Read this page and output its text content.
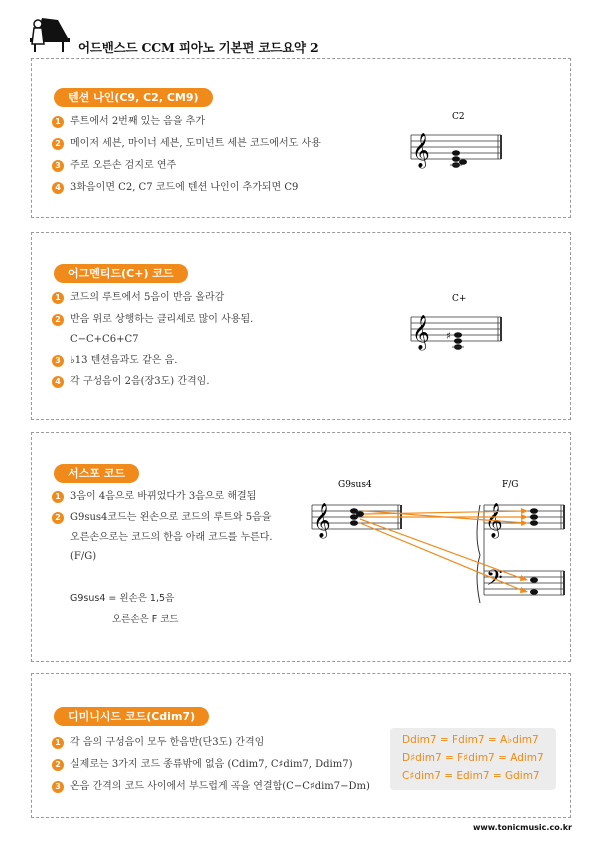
어드밴스드 CCM 피아노 기본편 코드요약 2
텐션 나인(C9, C2, CM9)
1 루트에서 2번째 있는 음을 추가
2 메이저 세븐, 마이너 세븐, 도미넌트 세븐 코드에서도 사용
3 주로 오른손 검지로 연주
4 3화음이면 C2, C7 코드에 텐션 나인이 추가되면 C9
C2
𝄞
어그멘티드(C+) 코드
1 코드의 루트에서 5음이 반음 올라감
2 반음 위로 상행하는 클리셰로 많이 사용됨.
C−C+C6+C7
3 ♭13 텐션음과도 같은 음.
4 각 구성음이 2음(장3도) 간격임.
C+
𝄞 ♯
서스포 코드
1 3음이 4음으로 바뀌었다가 3음으로 해결됨
2 G9sus4코드는 왼손으로 코드의 루트와 5음을
오른손으로는 코드의 한음 아래 코드를 누른다.
(F/G)
G9sus4 = 왼손은 1,5음
오른손은 F 코드
G9sus4	F/G
𝄞	𝄞
𝄢
디미니시드 코드(Cdim7)
1 각 음의 구성음이 모두 한음반(단3도) 간격임
2 실제로는 3가지 코드 종류밖에 없음 (Cdim7, C♯dim7, Ddim7)
3 온음 간격의 코드 사이에서 부드럽게 곡을 연결함(C−C♯dim7−Dm)
Ddim7 = Fdim7 = A♭dim7
D♯dim7 = F♯dim7 = Adim7
C♯dim7 = Edim7 = Gdim7
www.tonicmusic.co.kr
